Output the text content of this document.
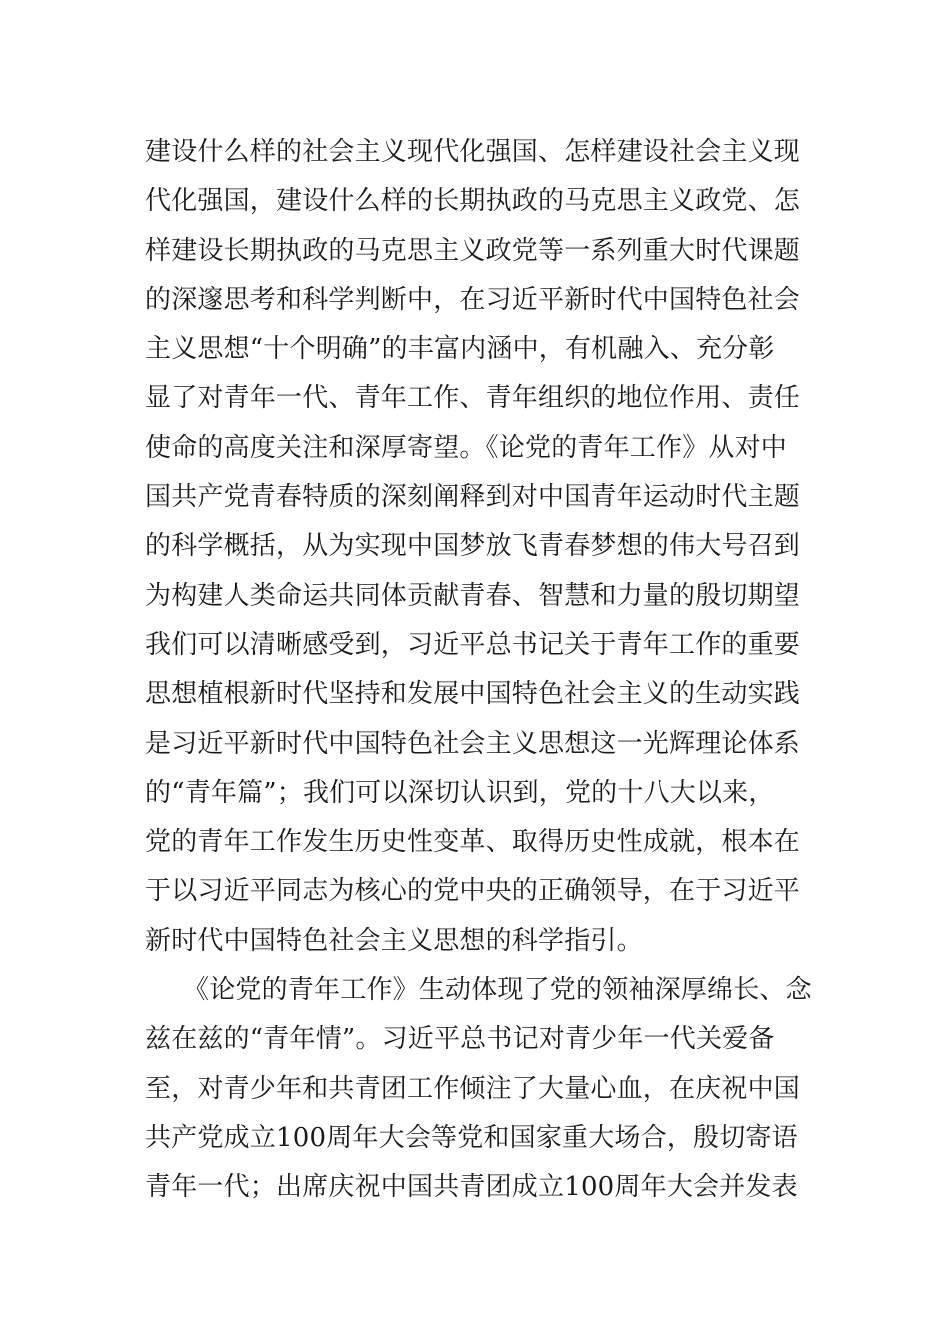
建设什么样的社会主义现代化强国、怎样建设社会主义现
代化强国，建设什么样的长期执政的马克思主义政党、怎
样建设长期执政的马克思主义政党等一系列重大时代课题
的深邃思考和科学判断中，在习近平新时代中国特色社会
主义思想“十个明确”的丰富内涵中，有机融入、充分彰
显了对青年一代、青年工作、青年组织的地位作用、责任
使命的高度关注和深厚寄望。《论党的青年工作》从对中
国共产党青春特质的深刻阐释到对中国青年运动时代主题
的科学概括，从为实现中国梦放飞青春梦想的伟大号召到
为构建人类命运共同体贡献青春、智慧和力量的殷切期望
我们可以清晰感受到，习近平总书记关于青年工作的重要
思想植根新时代坚持和发展中国特色社会主义的生动实践
是习近平新时代中国特色社会主义思想这一光辉理论体系
的“青年篇”；我们可以深切认识到，党的十八大以来，
党的青年工作发生历史性变革、取得历史性成就，根本在
于以习近平同志为核心的党中央的正确领导，在于习近平
新时代中国特色社会主义思想的科学指引。
《论党的青年工作》生动体现了党的领袖深厚绵长、念
兹在兹的“青年情”。习近平总书记对青少年一代关爱备
至，对青少年和共青团工作倾注了大量心血，在庆祝中国
共产党成立100周年大会等党和国家重大场合，殷切寄语
青年一代；出席庆祝中国共青团成立100周年大会并发表
